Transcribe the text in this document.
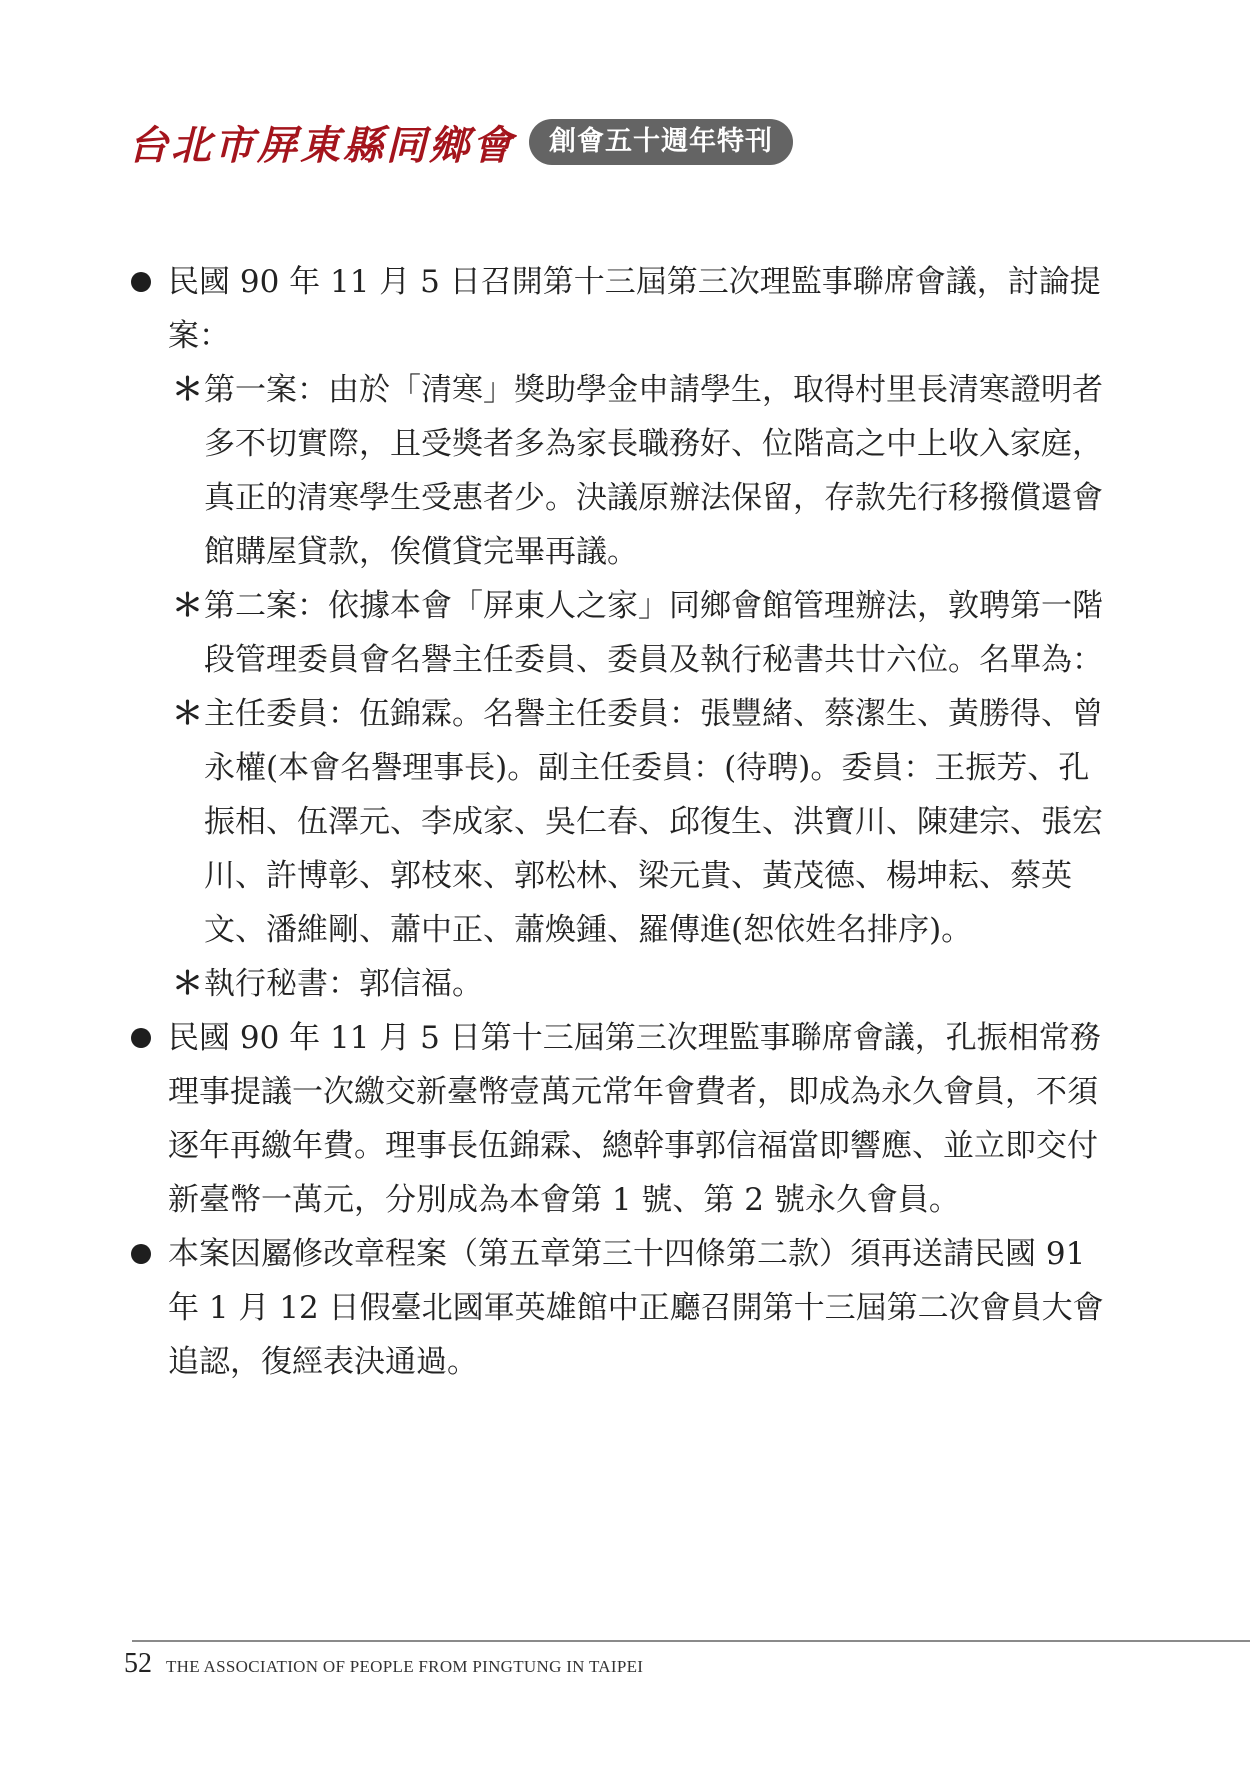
台北市屏東縣同鄉會	創會五十週年特刊
民國 90 年 11 月 5 日召開第十三屆第三次理監事聯席會議，討論提案：
＊ 第一案：由於「清寒」獎助學金申請學生，取得村里長清寒證明者多不切實際，且受獎者多為家長職務好、位階高之中上收入家庭，真正的清寒學生受惠者少。決議原辦法保留，存款先行移撥償還會館購屋貸款，俟償貸完畢再議。
＊ 第二案：依據本會「屏東人之家」同鄉會館管理辦法，敦聘第一階段管理委員會名譽主任委員、委員及執行秘書共廿六位。名單為：
＊ 主任委員：伍錦霖。名譽主任委員：張豐緒、蔡潔生、黃勝得、曾永權(本會名譽理事長)。副主任委員：(待聘)。委員：王振芳、孔振相、伍澤元、李成家、吳仁春、邱復生、洪寶川、陳建宗、張宏川、許博彰、郭枝來、郭松林、梁元貴、黃茂德、楊坤耘、蔡英文、潘維剛、蕭中正、蕭煥鍾、羅傳進(恕依姓名排序)。
＊ 執行秘書：郭信福。
民國 90 年 11 月 5 日第十三屆第三次理監事聯席會議，孔振相常務理事提議一次繳交新臺幣壹萬元常年會費者，即成為永久會員，不須逐年再繳年費。理事長伍錦霖、總幹事郭信福當即響應、並立即交付新臺幣一萬元，分別成為本會第 1 號、第 2 號永久會員。
本案因屬修改章程案（第五章第三十四條第二款）須再送請民國 91 年 1 月 12 日假臺北國軍英雄館中正廳召開第十三屆第二次會員大會追認，復經表決通過。
52 THE ASSOCIATION OF PEOPLE FROM PINGTUNG IN TAIPEI
